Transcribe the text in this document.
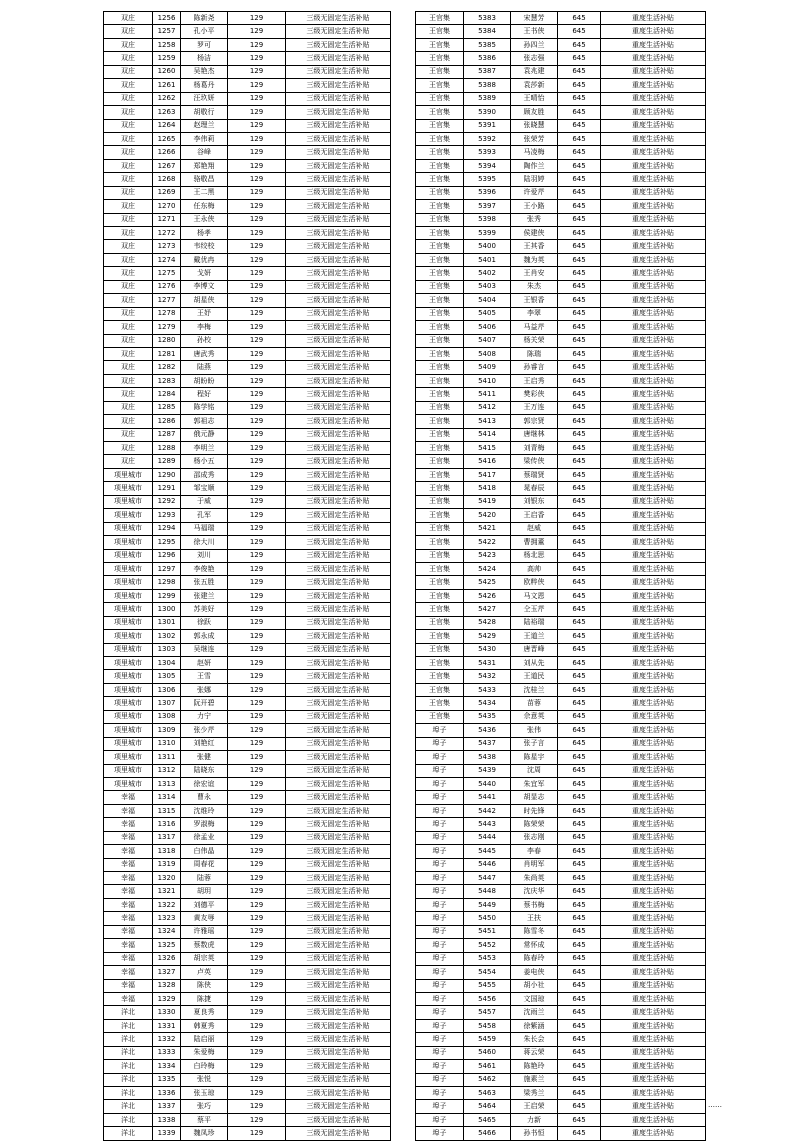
双庄	1256	陈新尧	129	三级无固定生活补贴
双庄	1257	孔小平	129	三级无固定生活补贴
双庄	1258	罗可	129	三级无固定生活补贴
双庄	1259	杨洁	129	三级无固定生活补贴
双庄	1260	吴艳杰	129	三级无固定生活补贴
双庄	1261	杨葛丹	129	三级无固定生活补贴
双庄	1262	汪玖妍	129	三级无固定生活补贴
双庄	1263	胡敬行	129	三级无固定生活补贴
双庄	1264	赵理兰	129	三级无固定生活补贴
双庄	1265	李伟莉	129	三级无固定生活补贴
双庄	1266	谷峰	129	三级无固定生活补贴
双庄	1267	郑艳翔	129	三级无固定生活补贴
双庄	1268	骆敬昌	129	三级无固定生活补贴
双庄	1269	王二黑	129	三级无固定生活补贴
双庄	1270	任东梅	129	三级无固定生活补贴
双庄	1271	王永侠	129	三级无固定生活补贴
双庄	1272	杨孝	129	三级无固定生活补贴
双庄	1273	韦绞校	129	三级无固定生活补贴
双庄	1274	戴优冉	129	三级无固定生活补贴
双庄	1275	戈妍	129	三级无固定生活补贴
双庄	1276	李博文	129	三级无固定生活补贴
双庄	1277	胡星侠	129	三级无固定生活补贴
双庄	1278	王妤	129	三级无固定生活补贴
双庄	1279	李梅	129	三级无固定生活补贴
双庄	1280	孙校	129	三级无固定生活补贴
双庄	1281	唐武秀	129	三级无固定生活补贴
双庄	1282	陆燕	129	三级无固定生活补贴
双庄	1283	胡盼盼	129	三级无固定生活补贴
双庄	1284	程好	129	三级无固定生活补贴
双庄	1285	陈学铭	129	三级无固定生活补贴
双庄	1286	郭祖志	129	三级无固定生活补贴
双庄	1287	俄元静	129	三级无固定生活补贴
双庄	1288	李明兰	129	三级无固定生活补贴
双庄	1289	杨小五	129	三级无固定生活补贴
项里城市	1290	邵成秀	129	三级无固定生活补贴
项里城市	1291	邹宝顺	129	三级无固定生活补贴
项里城市	1292	于威	129	三级无固定生活补贴
项里城市	1293	孔军	129	三级无固定生活补贴
项里城市	1294	马福瑞	129	三级无固定生活补贴
项里城市	1295	徐大川	129	三级无固定生活补贴
项里城市	1296	刘川	129	三级无固定生活补贴
项里城市	1297	李俊艳	129	三级无固定生活补贴
项里城市	1298	张五胜	129	三级无固定生活补贴
项里城市	1299	张建兰	129	三级无固定生活补贴
项里城市	1300	苏美好	129	三级无固定生活补贴
项里城市	1301	徐跃	129	三级无固定生活补贴
项里城市	1302	郭永成	129	三级无固定生活补贴
项里城市	1303	吴继连	129	三级无固定生活补贴
项里城市	1304	赵妍	129	三级无固定生活补贴
项里城市	1305	王雪	129	三级无固定生活补贴
项里城市	1306	张娜	129	三级无固定生活补贴
项里城市	1307	阮开碧	129	三级无固定生活补贴
项里城市	1308	力宁	129	三级无固定生活补贴
项里城市	1309	张少芹	129	三级无固定生活补贴
项里城市	1310	刘艳红	129	三级无固定生活补贴
项里城市	1311	张健	129	三级无固定生活补贴
项里城市	1312	陆晓东	129	三级无固定生活补贴
项里城市	1313	徐宏谊	129	三级无固定生活补贴
幸福	1314	曹永	129	三级无固定生活补贴
幸福	1315	沈维玲	129	三级无固定生活补贴
幸福	1316	罗淑梅	129	三级无固定生活补贴
幸福	1317	徐孟业	129	三级无固定生活补贴
幸福	1318	白伟晶	129	三级无固定生活补贴
幸福	1319	周春花	129	三级无固定生活补贴
幸福	1320	陆蓉	129	三级无固定生活补贴
幸福	1321	胡玥	129	三级无固定生活补贴
幸福	1322	刘德平	129	三级无固定生活补贴
幸福	1323	黄友辱	129	三级无固定生活补贴
幸福	1324	许雅瑶	129	三级无固定生活补贴
幸福	1325	蔡数虎	129	三级无固定生活补贴
幸福	1326	胡宗英	129	三级无固定生活补贴
幸福	1327	卢英	129	三级无固定生活补贴
幸福	1328	陈侠	129	三级无固定生活补贴
幸福	1329	陈捷	129	三级无固定生活补贴
洋北	1330	夏良秀	129	三级无固定生活补贴
洋北	1331	韩夏秀	129	三级无固定生活补贴
洋北	1332	陆启丽	129	三级无固定生活补贴
洋北	1333	朱爱梅	129	三级无固定生活补贴
洋北	1334	白玲梅	129	三级无固定生活补贴
洋北	1335	张悦	129	三级无固定生活补贴
洋北	1336	张玉琼	129	三级无固定生活补贴
洋北	1337	张巧	129	三级无固定生活补贴
洋北	1338	蔡平	129	三级无固定生活补贴
洋北	1339	魏凤珍	129	三级无固定生活补贴
王官集	5383	宋慧芳	645	重度生活补贴
王官集	5384	王书侠	645	重度生活补贴
王官集	5385	孙四兰	645	重度生活补贴
王官集	5386	张志强	645	重度生活补贴
王官集	5387	袁兆建	645	重度生活补贴
王官集	5388	袁莎新	645	重度生活补贴
王官集	5389	王晴怡	645	重度生活补贴
王官集	5390	顾友胜	645	重度生活补贴
王官集	5391	张晓慧	645	重度生活补贴
王官集	5392	张荣芳	645	重度生活补贴
王官集	5393	马凌梅	645	重度生活补贴
王官集	5394	陶作兰	645	重度生活补贴
王官集	5395	陆羽婷	645	重度生活补贴
王官集	5396	许爱芹	645	重度生活补贴
王官集	5397	王小路	645	重度生活补贴
王官集	5398	张秀	645	重度生活补贴
王官集	5399	侯建侠	645	重度生活补贴
王官集	5400	王其香	645	重度生活补贴
王官集	5401	魏为英	645	重度生活补贴
王官集	5402	王肖安	645	重度生活补贴
王官集	5403	朱杰	645	重度生活补贴
王官集	5404	王银香	645	重度生活补贴
王官集	5405	李翠	645	重度生活补贴
王官集	5406	马益芹	645	重度生活补贴
王官集	5407	杨关荣	645	重度生活补贴
王官集	5408	陈瑞	645	重度生活补贴
王官集	5409	孙睿言	645	重度生活补贴
王官集	5410	王启秀	645	重度生活补贴
王官集	5411	樊彩侠	645	重度生活补贴
王官集	5412	王万连	645	重度生活补贴
王官集	5413	郭宗贤	645	重度生活补贴
王官集	5414	唐继林	645	重度生活补贴
王官集	5415	刘青梅	645	重度生活补贴
王官集	5416	梁传侠	645	重度生活补贴
王官集	5417	蔡瑞贤	645	重度生活补贴
王官集	5418	晁春辰	645	重度生活补贴
王官集	5419	刘银东	645	重度生活补贴
王官集	5420	王启香	645	重度生活补贴
王官集	5421	赵威	645	重度生活补贴
王官集	5422	曹拥董	645	重度生活补贴
王官集	5423	杨北思	645	重度生活补贴
王官集	5424	高帅	645	重度生活补贴
王官集	5425	欧粹侠	645	重度生活补贴
王官集	5426	马文恩	645	重度生活补贴
王官集	5427	仝玉芹	645	重度生活补贴
王官集	5428	陆裕瑞	645	重度生活补贴
王官集	5429	王道兰	645	重度生活补贴
王官集	5430	唐晋峰	645	重度生活补贴
王官集	5431	刘从先	645	重度生活补贴
王官集	5432	王道民	645	重度生活补贴
王官集	5433	沈桂兰	645	重度生活补贴
王官集	5434	苗蓉	645	重度生活补贴
王官集	5435	佘意英	645	重度生活补贴
埠子	5436	张伟	645	重度生活补贴
埠子	5437	张子言	645	重度生活补贴
埠子	5438	陈星宇	645	重度生活补贴
埠子	5439	沈周	645	重度生活补贴
埠子	5440	朱宜军	645	重度生活补贴
埠子	5441	胡显志	645	重度生活补贴
埠子	5442	时先锋	645	重度生活补贴
埠子	5443	陈荣荣	645	重度生活补贴
埠子	5444	张志刚	645	重度生活补贴
埠子	5445	李春	645	重度生活补贴
埠子	5446	肖明军	645	重度生活补贴
埠子	5447	朱尚英	645	重度生活补贴
埠子	5448	沈庆华	645	重度生活补贴
埠子	5449	蔡书梅	645	重度生活补贴
埠子	5450	王扶	645	重度生活补贴
埠子	5451	陈雪冬	645	重度生活补贴
埠子	5452	常怀成	645	重度生活补贴
埠子	5453	陈春玲	645	重度生活补贴
埠子	5454	姜电侠	645	重度生活补贴
埠子	5455	胡小社	645	重度生活补贴
埠子	5456	文国琼	645	重度生活补贴
埠子	5457	沈雨兰	645	重度生活补贴
埠子	5458	徐紫涵	645	重度生活补贴
埠子	5459	朱长会	645	重度生活补贴
埠子	5460	蒋云荣	645	重度生活补贴
埠子	5461	陈艳玲	645	重度生活补贴
埠子	5462	施素兰	645	重度生活补贴
埠子	5463	梁秀兰	645	重度生活补贴
埠子	5464	王启荣	645	重度生活补贴
埠子	5465	力新	645	重度生活补贴
埠子	5466	孙书恒	645	重度生活补贴
……
